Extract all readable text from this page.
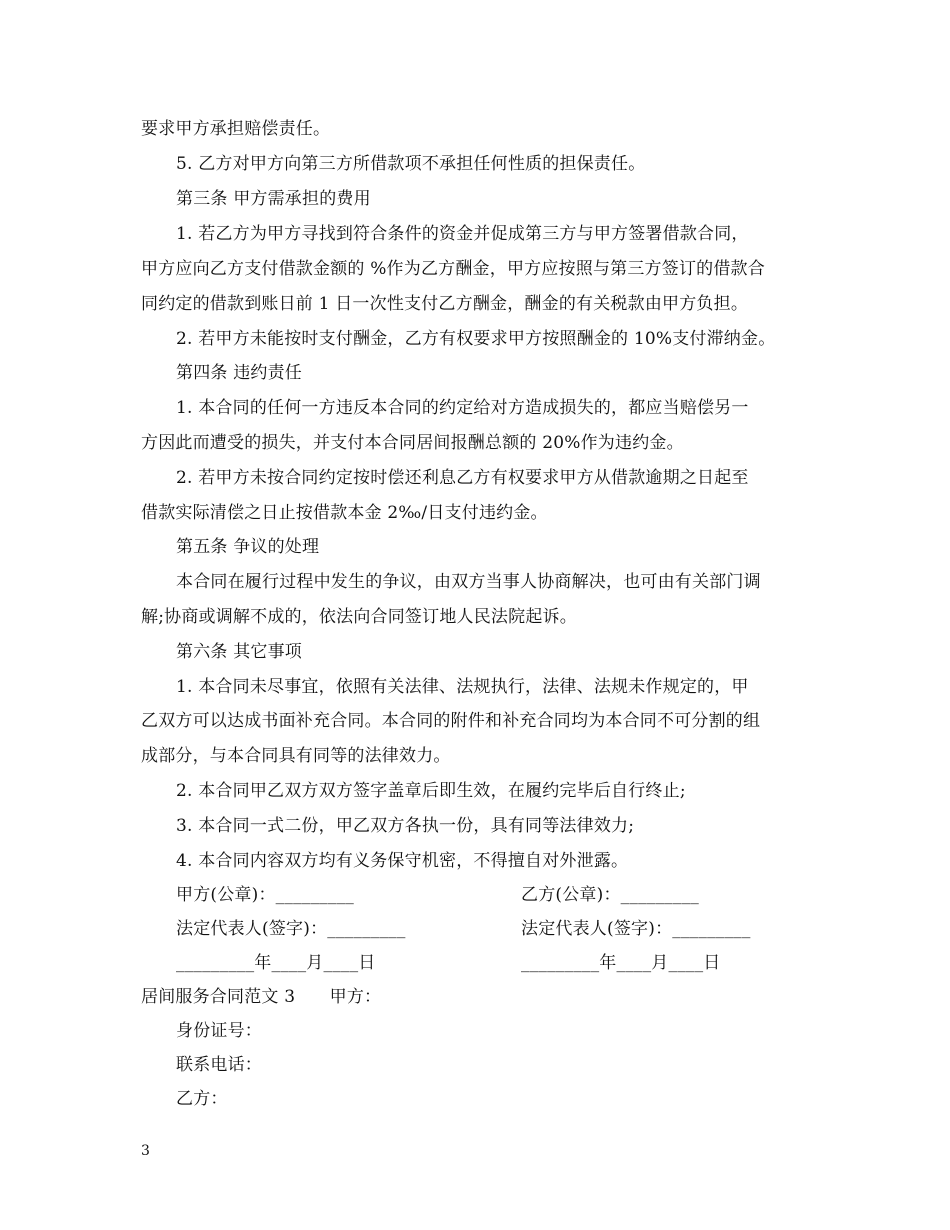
要求甲方承担赔偿责任。
5. 乙方对甲方向第三方所借款项不承担任何性质的担保责任。
第三条 甲方需承担的费用
1. 若乙方为甲方寻找到符合条件的资金并促成第三方与甲方签署借款合同，
甲方应向乙方支付借款金额的 %作为乙方酬金，甲方应按照与第三方签订的借款合
同约定的借款到账日前 1 日一次性支付乙方酬金，酬金的有关税款由甲方负担。
2. 若甲方未能按时支付酬金，乙方有权要求甲方按照酬金的 10%支付滞纳金。
第四条 违约责任
1. 本合同的任何一方违反本合同的约定给对方造成损失的，都应当赔偿另一
方因此而遭受的损失，并支付本合同居间报酬总额的 20%作为违约金。
2. 若甲方未按合同约定按时偿还利息乙方有权要求甲方从借款逾期之日起至
借款实际清偿之日止按借款本金 2‰/日支付违约金。
第五条 争议的处理
本合同在履行过程中发生的争议，由双方当事人协商解决，也可由有关部门调
解;协商或调解不成的，依法向合同签订地人民法院起诉。
第六条 其它事项
1. 本合同未尽事宜，依照有关法律、法规执行，法律、法规未作规定的，甲
乙双方可以达成书面补充合同。本合同的附件和补充合同均为本合同不可分割的组
成部分，与本合同具有同等的法律效力。
2. 本合同甲乙双方双方签字盖章后即生效，在履约完毕后自行终止;
3. 本合同一式二份，甲乙双方各执一份，具有同等法律效力;
4. 本合同内容双方均有义务保守机密，不得擅自对外泄露。
甲方(公章)：_________	乙方(公章)：_________
法定代表人(签字)：_________	法定代表人(签字)：_________
_________年____月____日	_________年____月____日
居间服务合同范文 3　　甲方：
身份证号：
联系电话：
乙方：
3
